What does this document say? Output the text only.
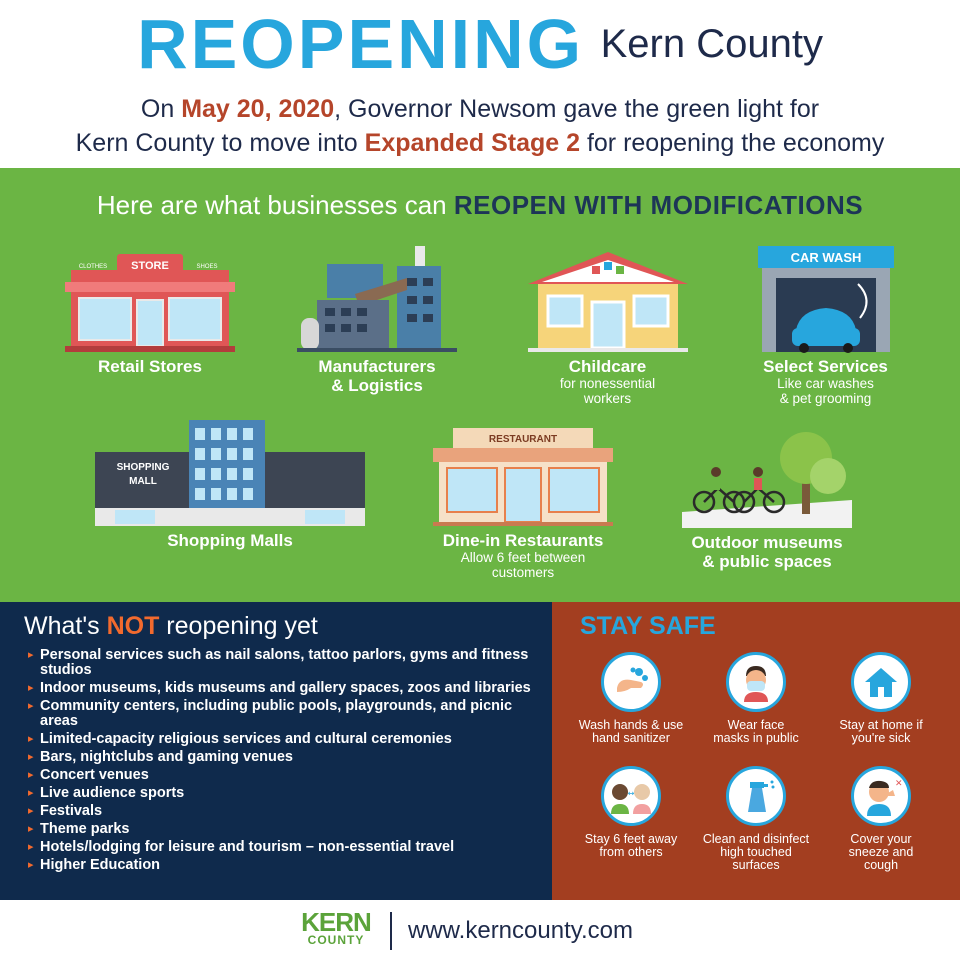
REOPENING Kern County
On May 20, 2020, Governor Newsom gave the green light for
Kern County to move into Expanded Stage 2 for reopening the economy
Here are what businesses can REOPEN WITH MODIFICATIONS
STORE
CLOTHES	SHOES
Retail Stores	Manufacturers
& Logistics
Childcare
for nonessential
workers
CAR WASH
Select Services
Like car washes
& pet grooming
SHOPPING
MALL
Shopping Malls
RESTAURANT
Dine-in Restaurants
Allow 6 feet between
customers
Outdoor museums
& public spaces
What's NOT reopening yet
▸ Personal services such as nail salons, tattoo parlors, gyms and fitness studios
▸ Indoor museums, kids museums and gallery spaces, zoos and libraries
▸ Community centers, including public pools, playgrounds, and picnic areas
▸ Limited-capacity religious services and cultural ceremonies
▸ Bars, nightclubs and gaming venues
▸ Concert venues
▸ Live audience sports
▸ Festivals
▸ Theme parks
▸ Hotels/lodging for leisure and tourism – non-essential travel
▸ Higher Education
STAY SAFE
Wash hands & use
hand sanitizer
Wear face
masks in public
Stay at home if
you're sick
↔
Stay 6 feet away
from others
Clean and disinfect
high touched
surfaces
✕
Cover your
sneeze and
cough
KERN
COUNTY	www.kerncounty.com
